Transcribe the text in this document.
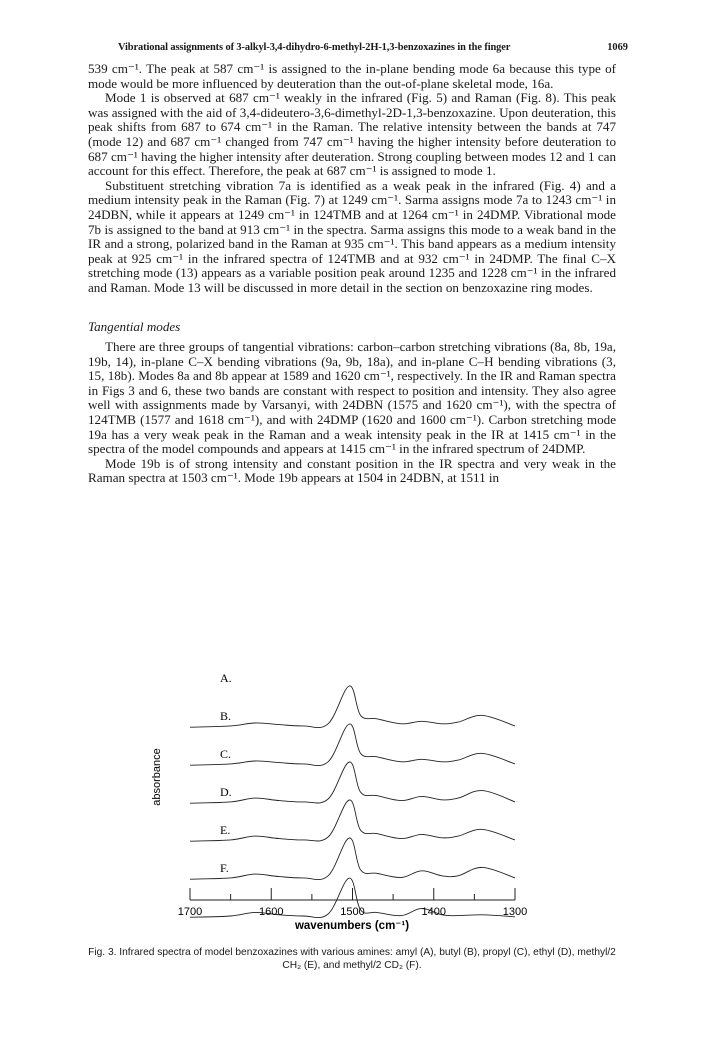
Vibrational assignments of 3-alkyl-3,4-dihydro-6-methyl-2H-1,3-benzoxazines in the finger	1069

539 cm⁻¹. The peak at 587 cm⁻¹ is assigned to the in-plane bending mode 6a because this type of mode would be more influenced by deuteration than the out-of-plane skeletal mode, 16a.

Mode 1 is observed at 687 cm⁻¹ weakly in the infrared (Fig. 5) and Raman (Fig. 8). This peak was assigned with the aid of 3,4-dideutero-3,6-dimethyl-2D-1,3-benzoxazine. Upon deuteration, this peak shifts from 687 to 674 cm⁻¹ in the Raman. The relative intensity between the bands at 747 (mode 12) and 687 cm⁻¹ changed from 747 cm⁻¹ having the higher intensity before deuteration to 687 cm⁻¹ having the higher intensity after deuteration. Strong coupling between modes 12 and 1 can account for this effect. Therefore, the peak at 687 cm⁻¹ is assigned to mode 1.

Substituent stretching vibration 7a is identified as a weak peak in the infrared (Fig. 4) and a medium intensity peak in the Raman (Fig. 7) at 1249 cm⁻¹. Sarma assigns mode 7a to 1243 cm⁻¹ in 24DBN, while it appears at 1249 cm⁻¹ in 124TMB and at 1264 cm⁻¹ in 24DMP. Vibrational mode 7b is assigned to the band at 913 cm⁻¹ in the spectra. Sarma assigns this mode to a weak band in the IR and a strong, polarized band in the Raman at 935 cm⁻¹. This band appears as a medium intensity peak at 925 cm⁻¹ in the infrared spectra of 124TMB and at 932 cm⁻¹ in 24DMP. The final C–X stretching mode (13) appears as a variable position peak around 1235 and 1228 cm⁻¹ in the infrared and Raman. Mode 13 will be discussed in more detail in the section on benzoxazine ring modes.

Tangential modes

There are three groups of tangential vibrations: carbon–carbon stretching vibrations (8a, 8b, 19a, 19b, 14), in-plane C–X bending vibrations (9a, 9b, 18a), and in-plane C–H bending vibrations (3, 15, 18b). Modes 8a and 8b appear at 1589 and 1620 cm⁻¹, respectively. In the IR and Raman spectra in Figs 3 and 6, these two bands are constant with respect to position and intensity. They also agree well with assignments made by Varsanyi, with 24DBN (1575 and 1620 cm⁻¹), with the spectra of 124TMB (1577 and 1618 cm⁻¹), and with 24DMP (1620 and 1600 cm⁻¹). Carbon stretching mode 19a has a very weak peak in the Raman and a weak intensity peak in the IR at 1415 cm⁻¹ in the spectra of the model compounds and appears at 1415 cm⁻¹ in the infrared spectrum of 24DMP.

Mode 19b is of strong intensity and constant position in the IR spectra and very weak in the Raman spectra at 1503 cm⁻¹. Mode 19b appears at 1504 in 24DBN, at 1511 in

A.
B.
C.
D.
E.
F.
1700	1600	1500	1400	1300
wavenumbers (cm⁻¹)
absorbance
Fig. 3. Infrared spectra of model benzoxazines with various amines: amyl (A), butyl (B), propyl (C), ethyl (D), methyl/2 CH₂ (E), and methyl/2 CD₂ (F).
